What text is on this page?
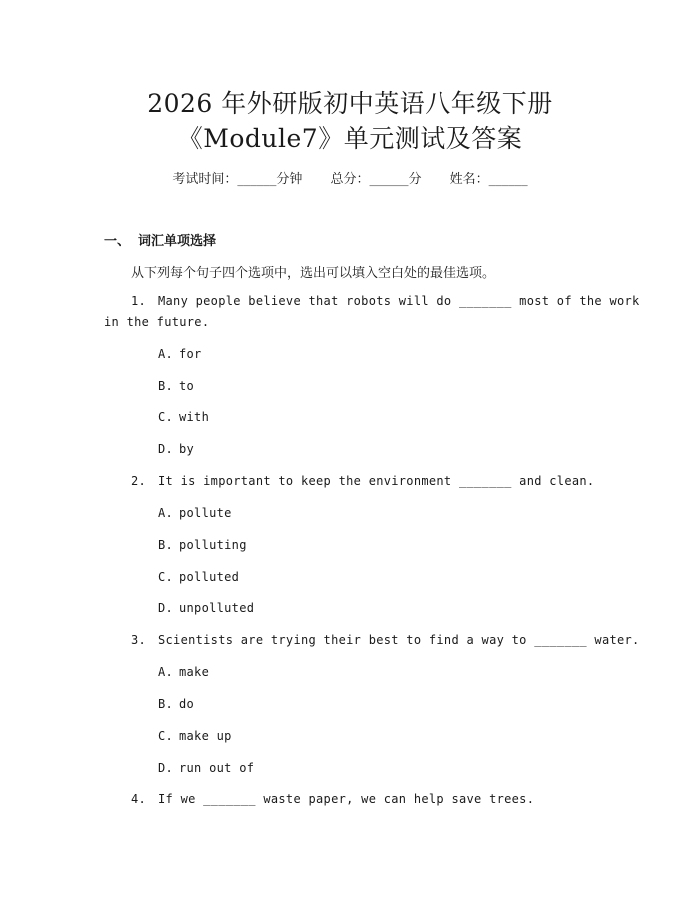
2026 年外研版初中英语八年级下册
《Module7》单元测试及答案
考试时间：______分钟 总分：______分 姓名：______
一、 词汇单项选择
从下列每个句子四个选项中，选出可以填入空白处的最佳选项。
1. Many people believe that robots will do _______ most of the work
in the future.
A. for
B. to
C. with
D. by
2. It is important to keep the environment _______ and clean.
A. pollute
B. polluting
C. polluted
D. unpolluted
3. Scientists are trying their best to find a way to _______ water.
A. make
B. do
C. make up
D. run out of
4. If we _______ waste paper, we can help save trees.
